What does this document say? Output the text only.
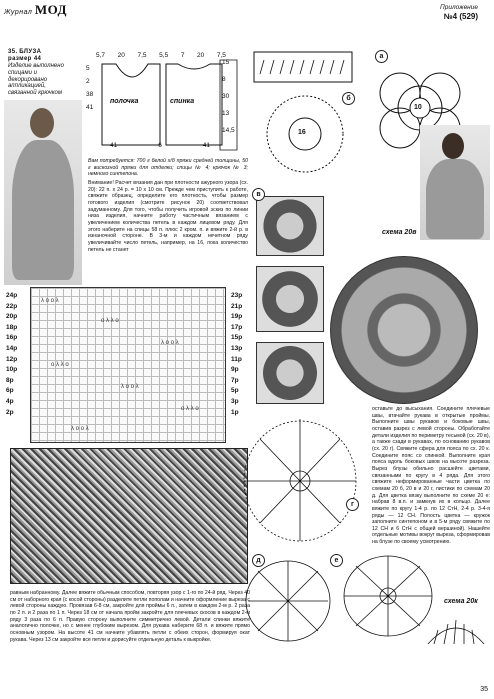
Журнал МОД	Приложение
№4 (529)
35. БЛУЗА
размер 44
Изделие выполнено спицами и декорировано аппликацией, связанной крючком
5,7 20 7,5 5,5 7 20 7,5
полочка	спинка
5
2
38
41
41	6	41
15
8
30
13
14,5

Вам потребуется: 700 г белой х/б пряжи средней толщины, 50 г вискозной пряжи для отделки; спицы № 4; крючок № 3; немного синтепона.

Внимание! Расчет вязания дан при плотности ажурного узора (сх. 20): 22 п. x 24 р. = 10 x 10 см. Прежде чем приступить к работе, свяжите образец, определите его плотность, чтобы размер готового изделия (смотрите рисунок 20) соответствовал задуманному. Для того, чтобы получить игровой эскиз по линии низа изделия, начните работу частичным вязанием с увеличением количества петель в каждом лицевом ряду. Для этого наберите на спицы 58 п. плюс 2 кром. п. и вяжите 2-й р. в изнаночной стороне. В 3-м и каждом нечетном ряду увеличивайте число петель, например, на 16, пока количество петель не станет

а
б
16
10
схема 20в
в
24р
22р
20р
18р
16р
14р
12р
10р
8р
6р
4р
2р
λ о о λ
о λ λ о
λ о о λ
о λ λ о
λ о о λ
о λ λ о
λ о о λ
23р
21р
19р
17р
15р
13р
11р
9р
7р
5р
3р
1р
г
д	е
оставьте до высыхания. Соедините плечевые швы, втачайте рукава в открытые проймы. Выполните швы рукавов и боковые швы, оставив разрез с левой стороны. Обработайте детали изделия по периметру тесьмой (сх. 20 в), а также сзади в рукавах, по основанию рукавов (сх. 20 г). Свяжите сфера для пояса по сх. 20 к. Соедините пояс со спинкой. Выполните края пояса вдоль боковых швов на высоте разреза. Вырез блузы обильно расшейте цветами, связанными по кругу в 4 ряда. Для этого свяжите неформированные части цветка по схемам 20 б, 20 в и 20 г, листики по схемам 20 д. Для цветка вязку выполните по схеме 20 е: набрав 8 в.п. и замкнув их в кольцо. Далее вяжите по кругу 1-4 р. по 12 СтН, 2-4 р. 3-4-я ряды — 12 СН. Полость цветка — кружок заполните синтепоном и в 5-м ряду свяжите по 12 СН и 6 СтН с общей вершиной). Нашейте отдельные мотивы вокруг выреза, сформировав на блузе по своему усмотрению.
схема 20к
равным набранному. Далее вяжите обычным способом, повторяя узор с 1-го по 24-й ряд. Через 40 см от наборного края (с косой стороны) разделите петли пополам и начните оформление выреза с левой стороны каждую. Провязав 6-8 см, закройте для проймы 6 п., затем в каждом 2-м р. 2 раза по 2 п. и 2 раза по 1 п. Через 18 см от начала пройм закройте для плечевых скосов в каждом 2-м ряду 3 раза по 6 п. Правую сторону выполните симметрично левой. Детали спинки вяжите аналогично полочке, но с менее глубоким вырезом. Для рукава наберите 68 п. и вяжите прямо основным узором. На высоте 41 см начните убавлять петли с обеих сторон, формируя окат рукава. Через 13 см закройте все петли и дорисуйте отдельную деталь к выкройке.
35
